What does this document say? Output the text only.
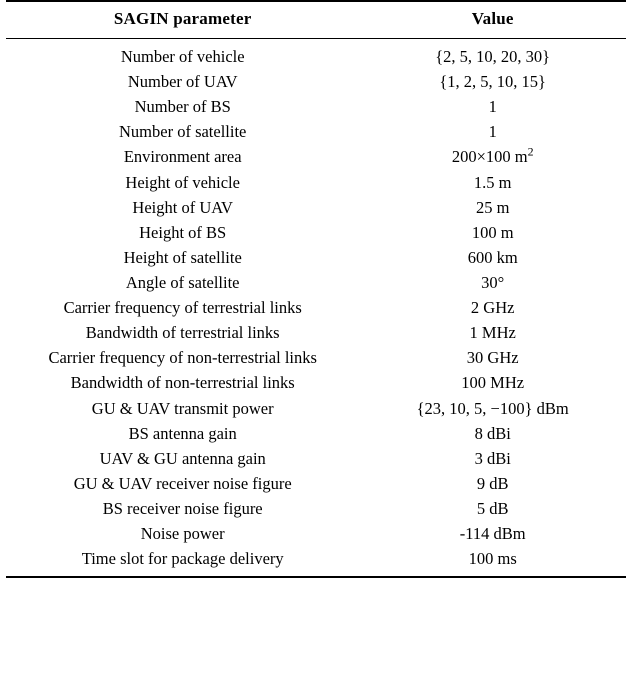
SAGIN parameter	Value
Number of vehicle	{2, 5, 10, 20, 30}
Number of UAV	{1, 2, 5, 10, 15}
Number of BS	1
Number of satellite	1
Environment area	200×100 $m^2$
Height of vehicle	1.5 m
Height of UAV	25 m
Height of BS	100 m
Height of satellite	600 km
Angle of satellite	30°
Carrier frequency of terrestrial links	2 GHz
Bandwidth of terrestrial links	1 MHz
Carrier frequency of non-terrestrial links	30 GHz
Bandwidth of non-terrestrial links	100 MHz
GU & UAV transmit power	{23, 10, 5, −100} dBm
BS antenna gain	8 dBi
UAV & GU antenna gain	3 dBi
GU & UAV receiver noise figure	9 dB
BS receiver noise figure	5 dB
Noise power	-114 dBm
Time slot for package delivery	100 ms
